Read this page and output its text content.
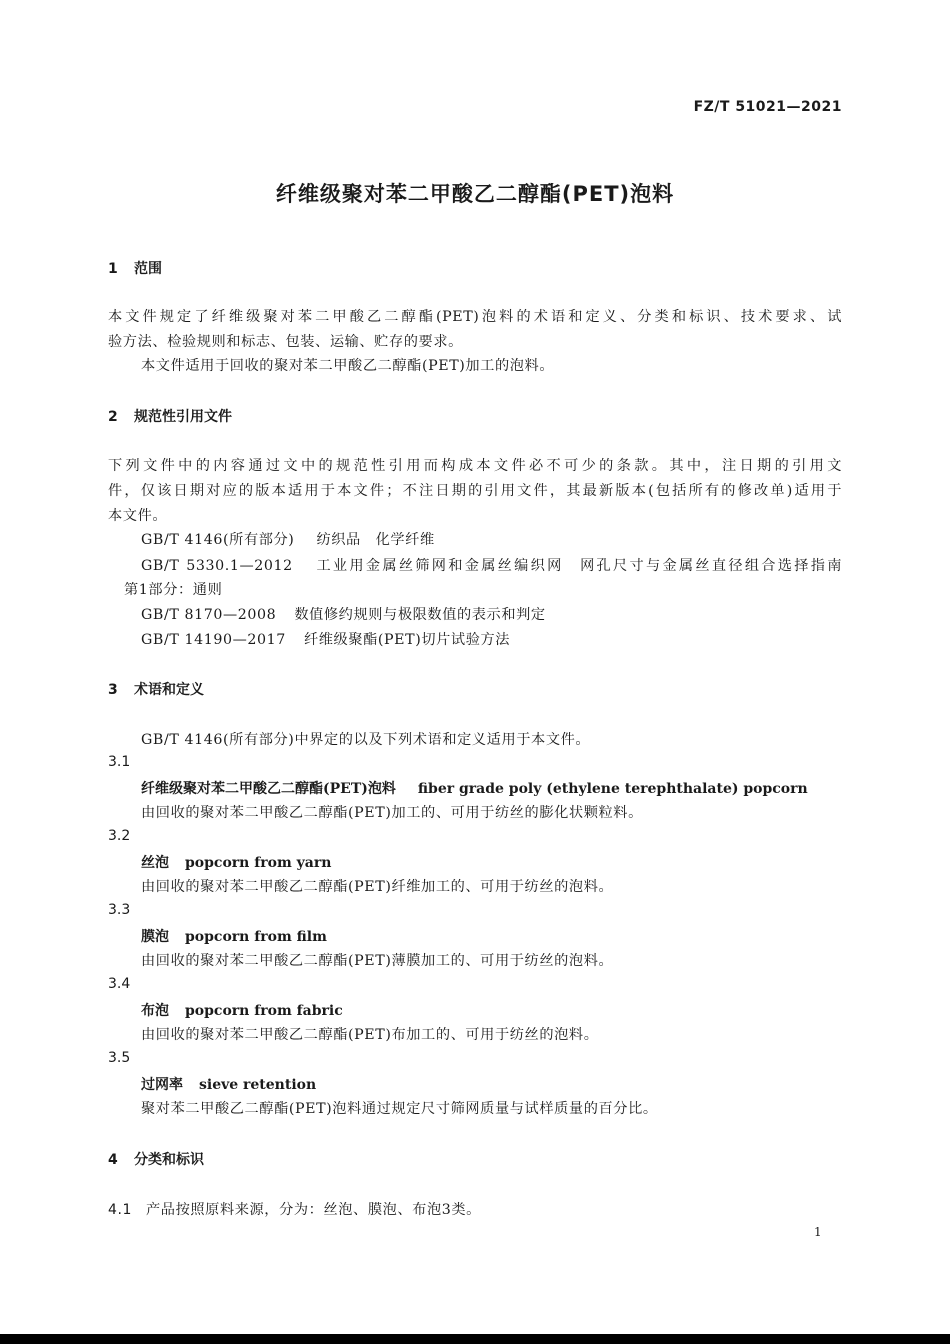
FZ/T 51021—2021
纤维级聚对苯二甲酸乙二醇酯(PET)泡料
1 范围
本文件规定了纤维级聚对苯二甲酸乙二醇酯(PET)泡料的术语和定义、分类和标识、技术要求、试
验方法、检验规则和标志、包装、运输、贮存的要求。
本文件适用于回收的聚对苯二甲酸乙二醇酯(PET)加工的泡料。
2 规范性引用文件
下列文件中的内容通过文中的规范性引用而构成本文件必不可少的条款。其中，注日期的引用文
件，仅该日期对应的版本适用于本文件；不注日期的引用文件，其最新版本(包括所有的修改单)适用于
本文件。
GB/T 4146(所有部分) 纺织品　化学纤维
GB/T 5330.1—2012 工业用金属丝筛网和金属丝编织网　网孔尺寸与金属丝直径组合选择指南
第1部分：通则
GB/T 8170—2008 数值修约规则与极限数值的表示和判定
GB/T 14190—2017 纤维级聚酯(PET)切片试验方法
3 术语和定义
GB/T 4146(所有部分)中界定的以及下列术语和定义适用于本文件。
3.1
纤维级聚对苯二甲酸乙二醇酯(PET)泡料 fiber grade poly (ethylene terephthalate) popcorn
由回收的聚对苯二甲酸乙二醇酯(PET)加工的、可用于纺丝的膨化状颗粒料。
3.2
丝泡 popcorn from yarn
由回收的聚对苯二甲酸乙二醇酯(PET)纤维加工的、可用于纺丝的泡料。
3.3
膜泡 popcorn from film
由回收的聚对苯二甲酸乙二醇酯(PET)薄膜加工的、可用于纺丝的泡料。
3.4
布泡 popcorn from fabric
由回收的聚对苯二甲酸乙二醇酯(PET)布加工的、可用于纺丝的泡料。
3.5
过网率 sieve retention
聚对苯二甲酸乙二醇酯(PET)泡料通过规定尺寸筛网质量与试样质量的百分比。
4 分类和标识
4.1 产品按照原料来源，分为：丝泡、膜泡、布泡3类。
1
